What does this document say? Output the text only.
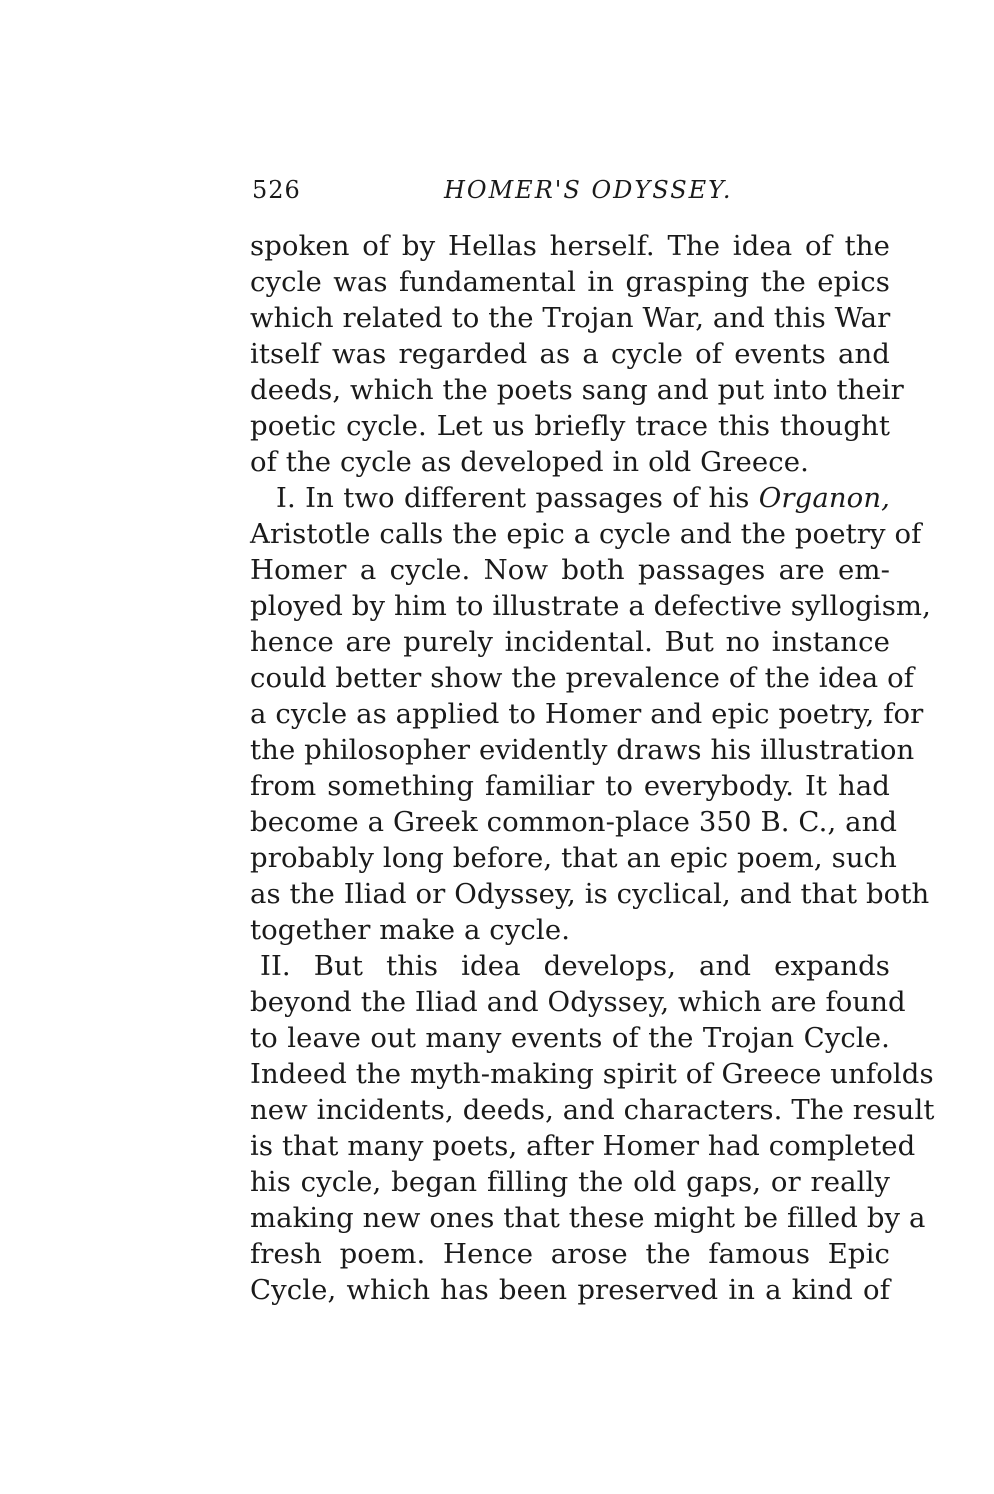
526	HOMER'S ODYSSEY.
spoken of by Hellas herself. The idea of the
cycle was fundamental in grasping the epics
which related to the Trojan War, and this War
itself was regarded as a cycle of events and
deeds, which the poets sang and put into their
poetic cycle. Let us briefly trace this thought
of the cycle as developed in old Greece.
I. In two different passages of his Organon,
Aristotle calls the epic a cycle and the poetry of
Homer a cycle. Now both passages are em-
ployed by him to illustrate a defective syllogism,
hence are purely incidental. But no instance
could better show the prevalence of the idea of
a cycle as applied to Homer and epic poetry, for
the philosopher evidently draws his illustration
from something familiar to everybody. It had
become a Greek common-place 350 B. C., and
probably long before, that an epic poem, such
as the Iliad or Odyssey, is cyclical, and that both
together make a cycle.
II. But this idea develops, and expands
beyond the Iliad and Odyssey, which are found
to leave out many events of the Trojan Cycle.
Indeed the myth-making spirit of Greece unfolds
new incidents, deeds, and characters. The result
is that many poets, after Homer had completed
his cycle, began filling the old gaps, or really
making new ones that these might be filled by a
fresh poem. Hence arose the famous Epic
Cycle, which has been preserved in a kind of
